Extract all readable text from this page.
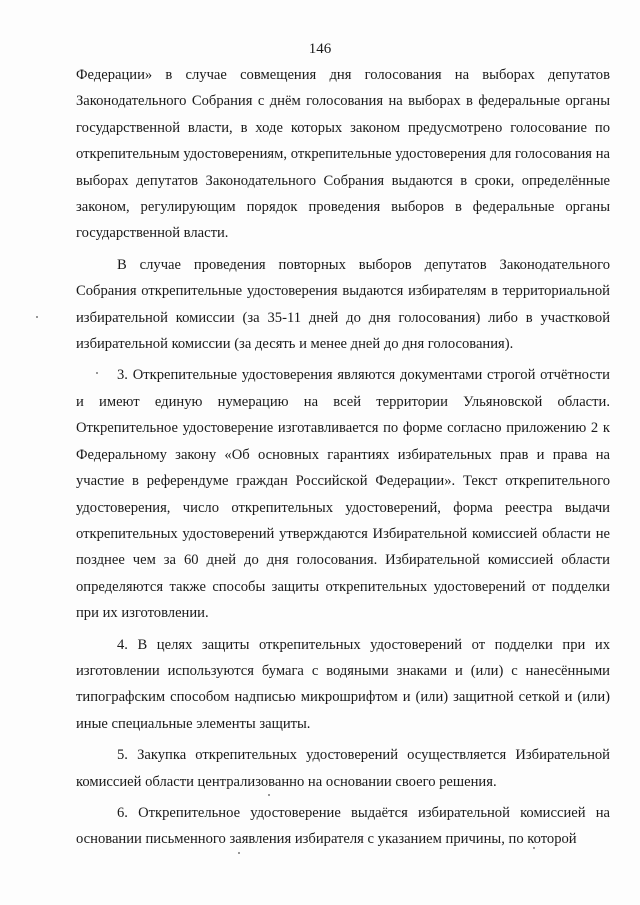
146

Федерации» в случае совмещения дня голосования на выборах депутатов Законодательного Собрания с днём голосования на выборах в федеральные органы государственной власти, в ходе которых законом предусмотрено голосование по открепительным удостоверениям, открепительные удостоверения для голосования на выборах депутатов Законодательного Собрания выдаются в сроки, определённые законом, регулирующим порядок проведения выборов в федеральные органы государственной власти.

В случае проведения повторных выборов депутатов Законодательного Собрания открепительные удостоверения выдаются избирателям в территориальной избирательной комиссии (за 35-11 дней до дня голосования) либо в участковой избирательной комиссии (за десять и менее дней до дня голосования).

3. Открепительные удостоверения являются документами строгой отчётности и имеют единую нумерацию на всей территории Ульяновской области. Открепительное удостоверение изготавливается по форме согласно приложению 2 к Федеральному закону «Об основных гарантиях избирательных прав и права на участие в референдуме граждан Российской Федерации». Текст открепительного удостоверения, число открепительных удостоверений, форма реестра выдачи открепительных удостоверений утверждаются Избирательной комиссией области не позднее чем за 60 дней до дня голосования. Избирательной комиссией области определяются также способы защиты открепительных удостоверений от подделки при их изготовлении.

4. В целях защиты открепительных удостоверений от подделки при их изготовлении используются бумага с водяными знаками и (или) с нанесёнными типографским способом надписью микрошрифтом и (или) защитной сеткой и (или) иные специальные элементы защиты.

5. Закупка открепительных удостоверений осуществляется Избирательной комиссией области централизованно на основании своего решения.

6. Открепительное удостоверение выдаётся избирательной комиссией на основании письменного заявления избирателя с указанием причины, по которой
